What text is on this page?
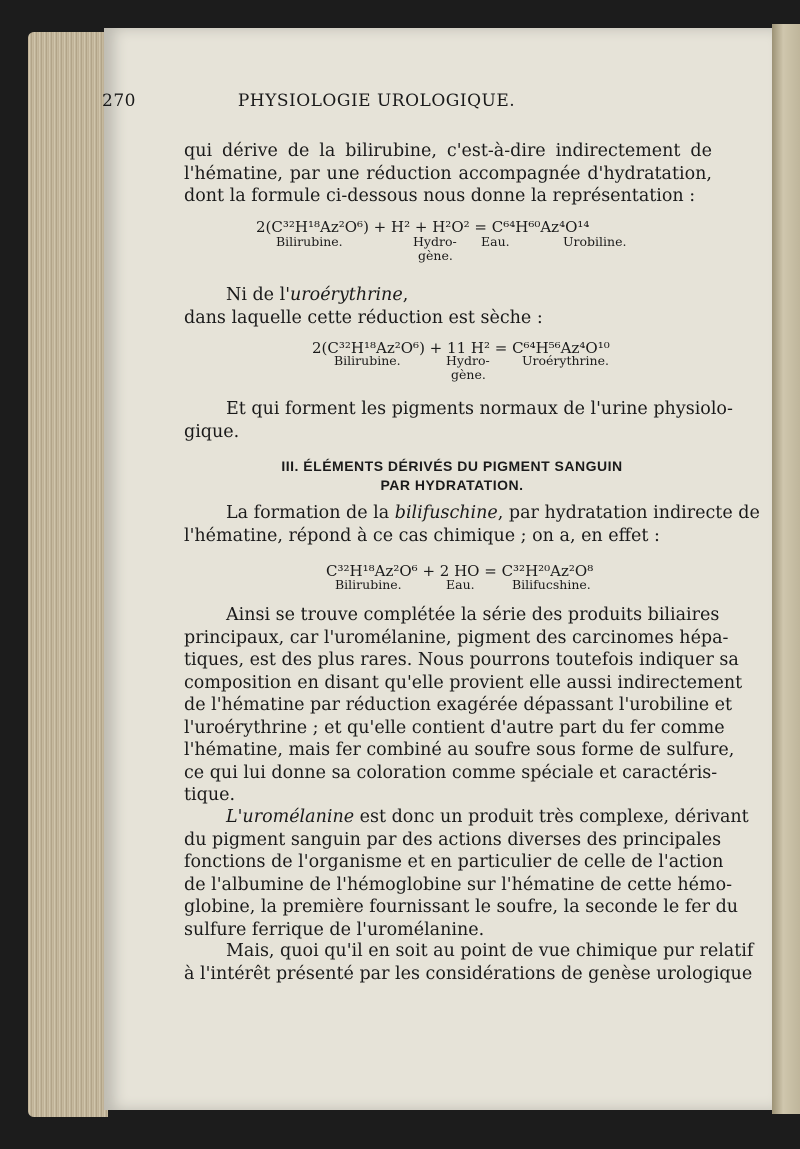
270	PHYSIOLOGIE UROLOGIQUE.
qui dérive de la bilirubine, c'est-à-dire indirectement de
l'hématine, par une réduction accompagnée d'hydratation,
dont la formule ci-dessous nous donne la représentation :
2(C³²H¹⁸Az²O⁶) + H² + H²O² = C⁶⁴H⁶⁰Az⁴O¹⁴
Bilirubine.	Hydro-
gène.
Eau.	Urobiline.
Ni de l'uroérythrine,
dans laquelle cette réduction est sèche :
2(C³²H¹⁸Az²O⁶) + 11 H² = C⁶⁴H⁵⁶Az⁴O¹⁰
Bilirubine.	Hydro-
gène.
Uroérythrine.
Et qui forment les pigments normaux de l'urine physiolo-
gique.
III. ÉLÉMENTS DÉRIVÉS DU PIGMENT SANGUIN
PAR HYDRATATION.
La formation de la bilifuschine, par hydratation indirecte de
l'hématine, répond à ce cas chimique ; on a, en effet :
C³²H¹⁸Az²O⁶ + 2 HO = C³²H²⁰Az²O⁸
Bilirubine.	Eau.	Bilifucshine.
Ainsi se trouve complétée la série des produits biliaires
principaux, car l'uromélanine, pigment des carcinomes hépa-
tiques, est des plus rares. Nous pourrons toutefois indiquer sa
composition en disant qu'elle provient elle aussi indirectement
de l'hématine par réduction exagérée dépassant l'urobiline et
l'uroérythrine ; et qu'elle contient d'autre part du fer comme
l'hématine, mais fer combiné au soufre sous forme de sulfure,
ce qui lui donne sa coloration comme spéciale et caractéris-
tique.
L'uromélanine est donc un produit très complexe, dérivant
du pigment sanguin par des actions diverses des principales
fonctions de l'organisme et en particulier de celle de l'action
de l'albumine de l'hémoglobine sur l'hématine de cette hémo-
globine, la première fournissant le soufre, la seconde le fer du
sulfure ferrique de l'uromélanine.
Mais, quoi qu'il en soit au point de vue chimique pur relatif
à l'intérêt présenté par les considérations de genèse urologique
